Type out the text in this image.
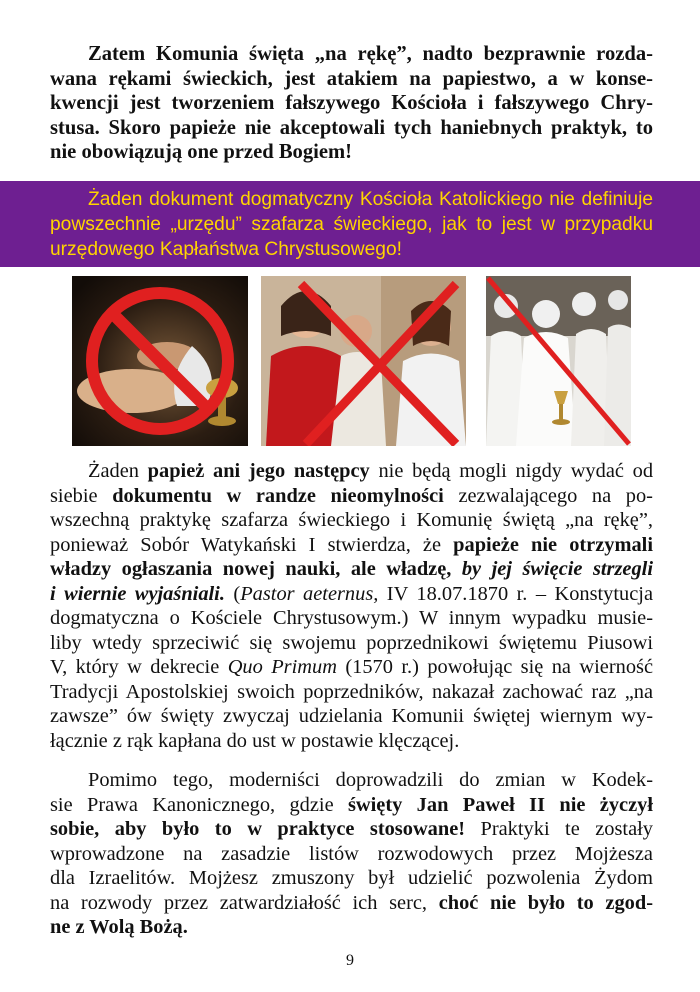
Zatem Komunia święta „na rękę”, nadto bezprawnie rozda-
wana rękami świeckich, jest atakiem na papiestwo, a w konse-
kwencji jest tworzeniem fałszywego Kościoła i fałszywego Chry-
stusa. Skoro papieże nie akceptowali tych haniebnych praktyk, to
nie obowiązują one przed Bogiem!
Żaden dokument dogmatyczny Kościoła Katolickiego nie definiuje
powszechnie „urzędu” szafarza świeckiego, jak to jest w przypadku
urzędowego Kapłaństwa Chrystusowego!
Żaden papież ani jego następcy nie będą mogli nigdy wydać od
siebie dokumentu w randze nieomylności zezwalającego na po-
wszechną praktykę szafarza świeckiego i Komunię świętą „na rękę”,
ponieważ Sobór Watykański I stwierdza, że papieże nie otrzymali
władzy ogłaszania nowej nauki, ale władzę, by jej święcie strzegli
i wiernie wyjaśniali. (Pastor aeternus, IV 18.07.1870 r. – Konstytucja
dogmatyczna o Kościele Chrystusowym.) W innym wypadku musie-
liby wtedy sprzeciwić się swojemu poprzednikowi świętemu Piusowi
V, który w dekrecie Quo Primum (1570 r.) powołując się na wierność
Tradycji Apostolskiej swoich poprzedników, nakazał zachować raz „na
zawsze” ów święty zwyczaj udzielania Komunii świętej wiernym wy-
łącznie z rąk kapłana do ust w postawie klęczącej.
Pomimo tego, moderniści doprowadzili do zmian w Kodek-
sie Prawa Kanonicznego, gdzie święty Jan Paweł II nie życzył
sobie, aby było to w praktyce stosowane! Praktyki te zostały
wprowadzone na zasadzie listów rozwodowych przez Mojżesza
dla Izraelitów. Mojżesz zmuszony był udzielić pozwolenia Żydom
na rozwody przez zatwardziałość ich serc, choć nie było to zgod-
ne z Wolą Bożą.
9
